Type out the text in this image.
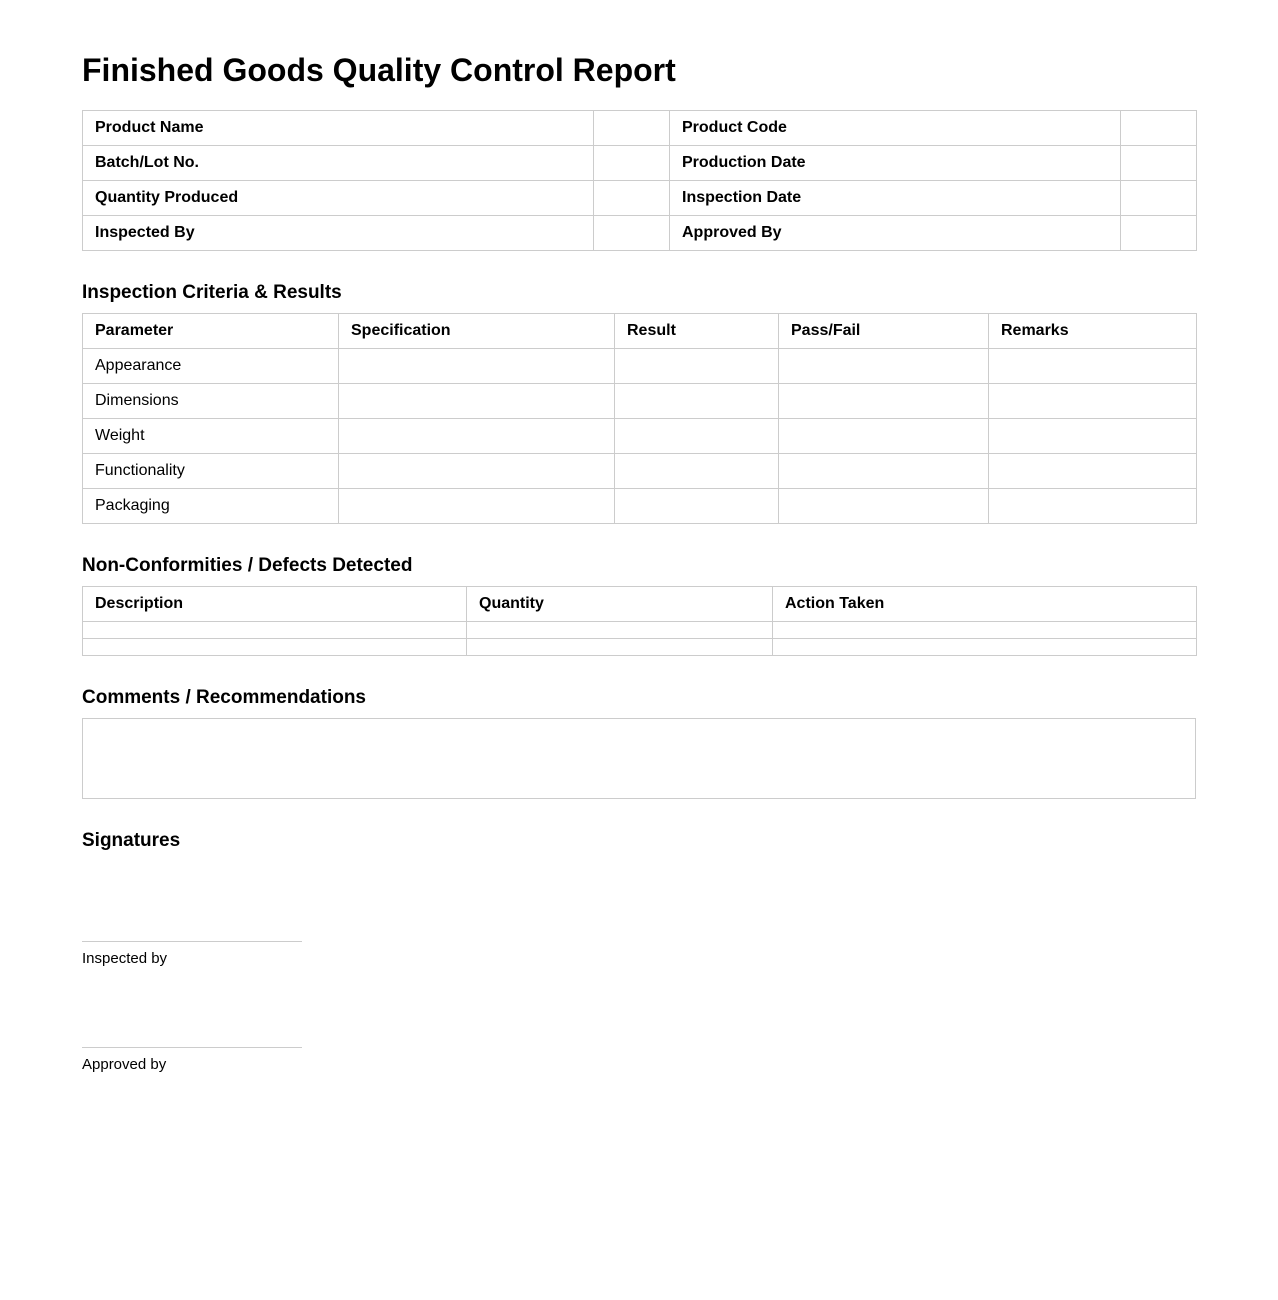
Finished Goods Quality Control Report
Product Name		Product Code	
Batch/Lot No.		Production Date	
Quantity Produced		Inspection Date	
Inspected By		Approved By	
Inspection Criteria & Results
Parameter	Specification	Result	Pass/Fail	Remarks
Appearance				
Dimensions				
Weight				
Functionality				
Packaging				
Non-Conformities / Defects Detected
Description	Quantity	Action Taken

Comments / Recommendations
Signatures
Inspected by
Approved by
